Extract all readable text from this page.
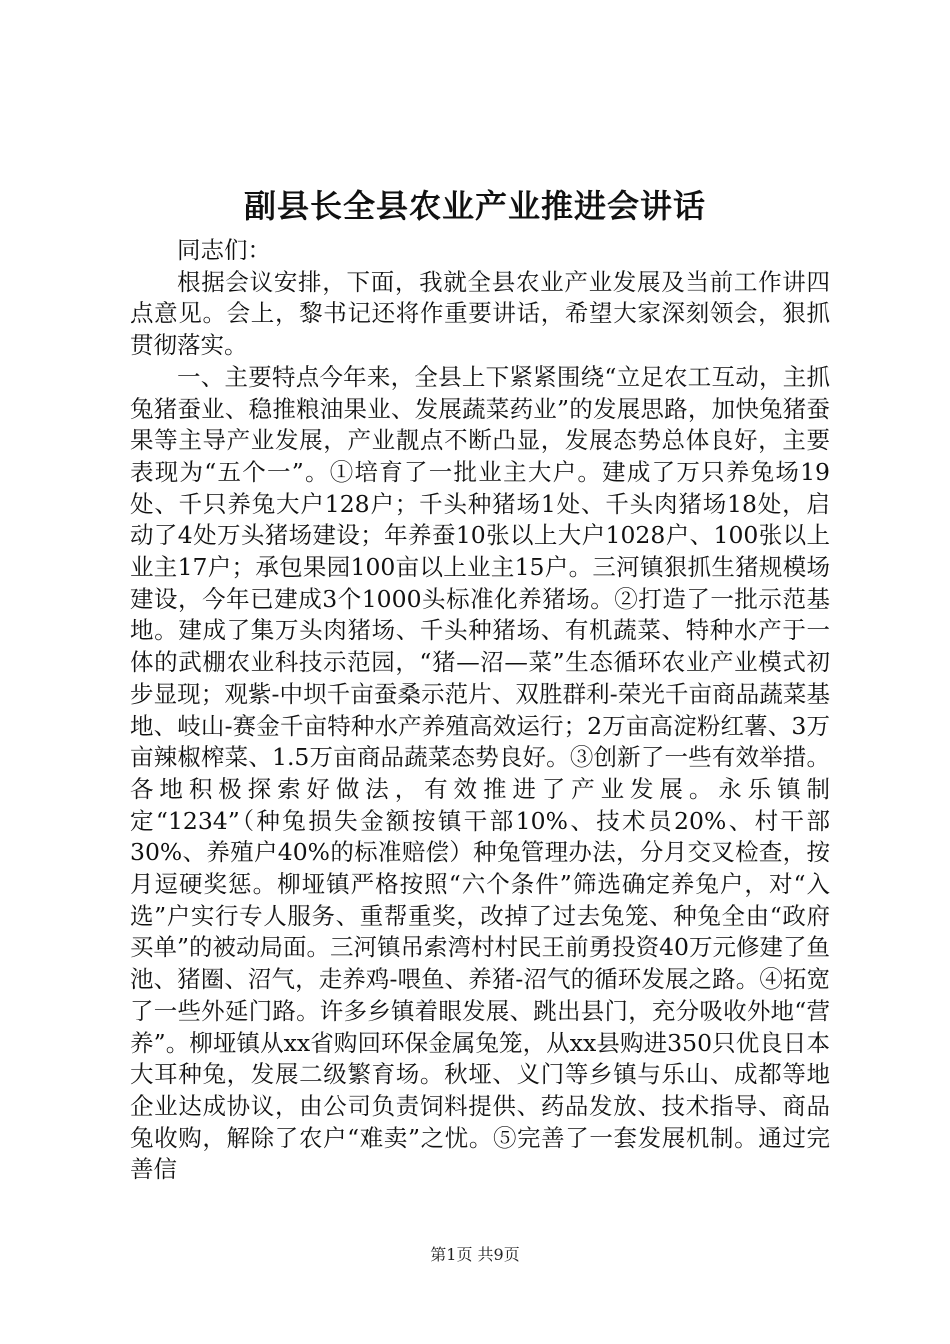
副县长全县农业产业推进会讲话

同志们：

根据会议安排，下面，我就全县农业产业发展及当前工作讲四点意见。会上，黎书记还将作重要讲话，希望大家深刻领会，狠抓贯彻落实。

一、主要特点今年来，全县上下紧紧围绕“立足农工互动，主抓兔猪蚕业、稳推粮油果业、发展蔬菜药业”的发展思路，加快兔猪蚕果等主导产业发展，产业靓点不断凸显，发展态势总体良好，主要表现为“五个一”。①培育了一批业主大户。建成了万只养兔场19处、千只养兔大户128户；千头种猪场1处、千头肉猪场18处，启动了4处万头猪场建设；年养蚕10张以上大户1028户、100张以上业主17户；承包果园100亩以上业主15户。三河镇狠抓生猪规模场建设，今年已建成3个1000头标准化养猪场。②打造了一批示范基地。建成了集万头肉猪场、千头种猪场、有机蔬菜、特种水产于一体的武棚农业科技示范园，“猪—沼—菜”生态循环农业产业模式初步显现；观紫-中坝千亩蚕桑示范片、双胜群利-荣光千亩商品蔬菜基地、岐山-赛金千亩特种水产养殖高效运行；2万亩高淀粉红薯、3万亩辣椒榨菜、1.5万亩商品蔬菜态势良好。③创新了一些有效举措。各地积极探索好做法，有效推进了产业发展。永乐镇制定“1234”（种兔损失金额按镇干部10%、技术员20%、村干部30%、养殖户40%的标准赔偿）种兔管理办法，分月交叉检查，按月逗硬奖惩。柳垭镇严格按照“六个条件”筛选确定养兔户，对“入选”户实行专人服务、重帮重奖，改掉了过去兔笼、种兔全由“政府买单”的被动局面。三河镇吊索湾村村民王前勇投资40万元修建了鱼池、猪圈、沼气，走养鸡-喂鱼、养猪-沼气的循环发展之路。④拓宽了一些外延门路。许多乡镇着眼发展、跳出县门，充分吸收外地“营养”。柳垭镇从xx省购回环保金属兔笼，从xx县购进350只优良日本大耳种兔，发展二级繁育场。秋垭、义门等乡镇与乐山、成都等地企业达成协议，由公司负责饲料提供、药品发放、技术指导、商品兔收购，解除了农户“难卖”之忧。⑤完善了一套发展机制。通过完善信

第1页 共9页
